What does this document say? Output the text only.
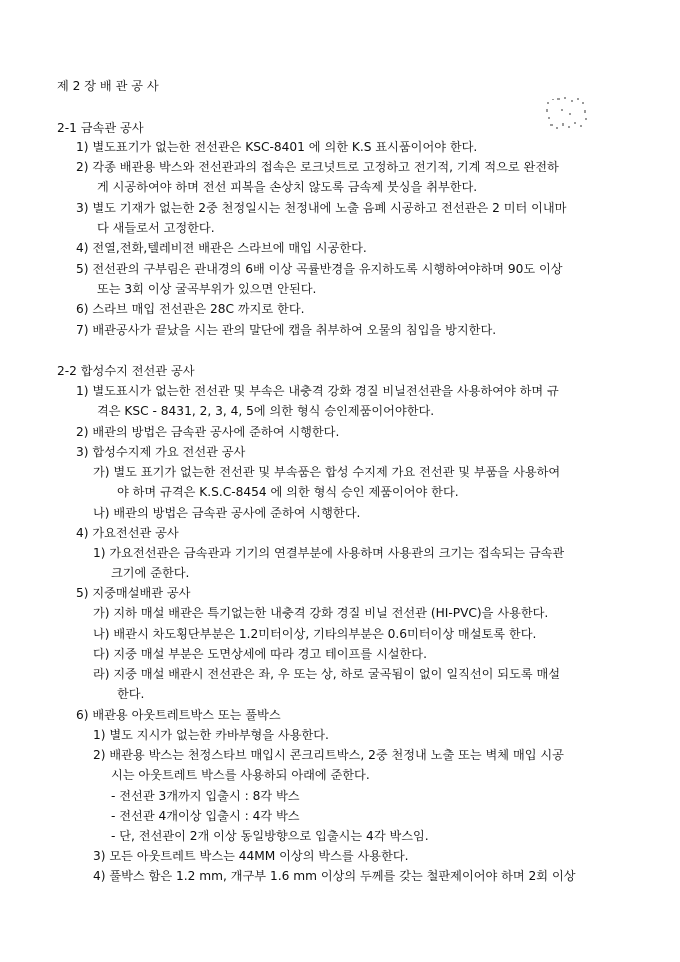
제 2 장 배 관 공 사
2-1 금속관 공사
1) 별도표기가 없는한 전선관은 KSC-8401 에 의한 K.S 표시품이어야 한다.
2) 각종 배관용 박스와 전선관과의 접속은 로크넛트로 고정하고 전기적, 기계 적으로 완전하
게 시공하여야 하며 전선 피복을 손상치 않도록 금속제 붓싱을 취부한다.
3) 별도 기재가 없는한 2중 천정일시는 천정내에 노출 음폐 시공하고 전선관은 2 미터 이내마
다 새들로서 고정한다.
4) 전열,전화,텔레비젼 배관은 스라브에 매입 시공한다.
5) 전선관의 구부림은 관내경의 6배 이상 곡률반경을 유지하도록 시행하여야하며 90도 이상
또는 3회 이상 굴곡부위가 있으면 안된다.
6) 스라브 매입 전선관은 28C 까지로 한다.
7) 배관공사가 끝났을 시는 관의 말단에 캡을 취부하여 오물의 침입을 방지한다.
2-2 합성수지 전선관 공사
1) 별도표시가 없는한 전선관 및 부속은 내충격 강화 경질 비닐전선관을 사용하여야 하며 규
격은 KSC - 8431, 2, 3, 4, 5에 의한 형식 승인제품이어야한다.
2) 배관의 방법은 금속관 공사에 준하여 시행한다.
3) 합성수지제 가요 전선관 공사
가) 별도 표기가 없는한 전선관 및 부속품은 합성 수지제 가요 전선관 및 부품을 사용하여
야 하며 규격은 K.S.C-8454 에 의한 형식 승인 제품이어야 한다.
나) 배관의 방법은 금속관 공사에 준하여 시행한다.
4) 가요전선관 공사
1) 가요전선관은 금속관과 기기의 연결부분에 사용하며 사용관의 크기는 접속되는 금속관
크기에 준한다.
5) 지중매설배관 공사
가) 지하 매설 배관은 특기없는한 내충격 강화 경질 비닐 전선관 (HI-PVC)을 사용한다.
나) 배관시 차도횡단부분은 1.2미터이상, 기타의부분은 0.6미터이상 매설토록 한다.
다) 지중 매설 부분은 도면상세에 따라 경고 테이프를 시설한다.
라) 지중 매설 배관시 전선관은 좌, 우 또는 상, 하로 굴곡됨이 없이 일직선이 되도록 매설
한다.
6) 배관용 아웃트레트박스 또는 풀박스
1) 별도 지시가 없는한 카바부형을 사용한다.
2) 배관용 박스는 천정스타브 매입시 콘크리트박스, 2중 천정내 노출 또는 벽체 매입 시공
시는 아웃트레트 박스를 사용하되 아래에 준한다.
- 전선관 3개까지 입출시 : 8각 박스
- 전선관 4개이상 입출시 : 4각 박스
- 단, 전선관이 2개 이상 동일방향으로 입출시는 4각 박스임.
3) 모든 아웃트레트 박스는 44MM 이상의 박스를 사용한다.
4) 풀박스 함은 1.2 mm, 개구부 1.6 mm 이상의 두께를 갖는 철판제이어야 하며 2회 이상
